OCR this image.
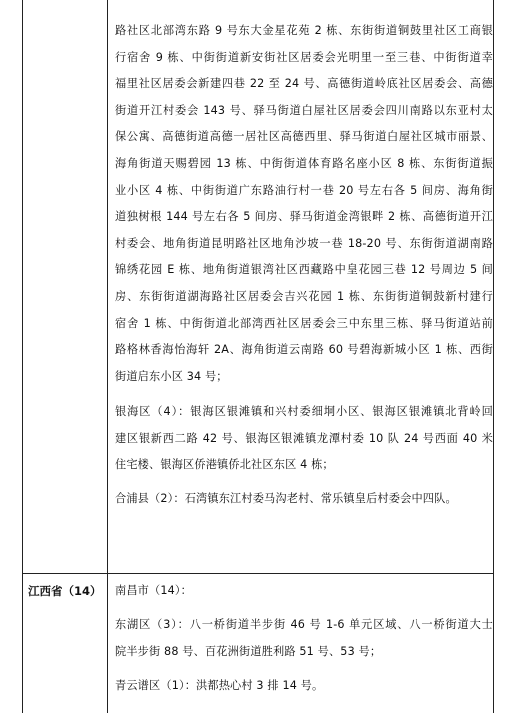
路社区北部湾东路 9 号东大金星花苑 2 栋、东街街道铜鼓里社区工商银
行宿舍 9 栋、中街街道新安街社区居委会光明里一至三巷、中街街道幸
福里社区居委会新建四巷 22 至 24 号、高德街道岭底社区居委会、高德
街道开江村委会 143 号、驿马街道白屋社区居委会四川南路以东亚村太
保公寓、高德街道高德一居社区高德西里、驿马街道白屋社区城市丽景、
海角街道天赐碧园 13 栋、中街街道体育路名座小区 8 栋、东街街道振
业小区 4 栋、中街街道广东路油行村一巷 20 号左右各 5 间房、海角街
道独树根 144 号左右各 5 间房、驿马街道金湾银畔 2 栋、高德街道开江
村委会、地角街道昆明路社区地角沙坡一巷 18-20 号、东街街道湖南路
锦绣花园 E 栋、地角街道银湾社区西藏路中皇花园三巷 12 号周边 5 间
房、东街街道湖海路社区居委会吉兴花园 1 栋、东街街道铜鼓新村建行
宿舍 1 栋、中街街道北部湾西社区居委会三中东里三栋、驿马街道站前
路格林香海怡海轩 2A、海角街道云南路 60 号碧海新城小区 1 栋、西街
街道启东小区 34 号；
银海区（4）：银海区银滩镇和兴村委细垌小区、银海区银滩镇北背岭回
建区银新西二路 42 号、银海区银滩镇龙潭村委 10 队 24 号西面 40 米
住宅楼、银海区侨港镇侨北社区东区 4 栋；
合浦县（2）：石湾镇东江村委马沟老村、常乐镇皇后村委会中四队。
江西省（14） 南昌市（14）：
东湖区（3）：八一桥街道半步街 46 号 1-6 单元区域、八一桥街道大士
院半步街 88 号、百花洲街道胜利路 51 号、53 号；
青云谱区（1）：洪都热心村 3 排 14 号。
